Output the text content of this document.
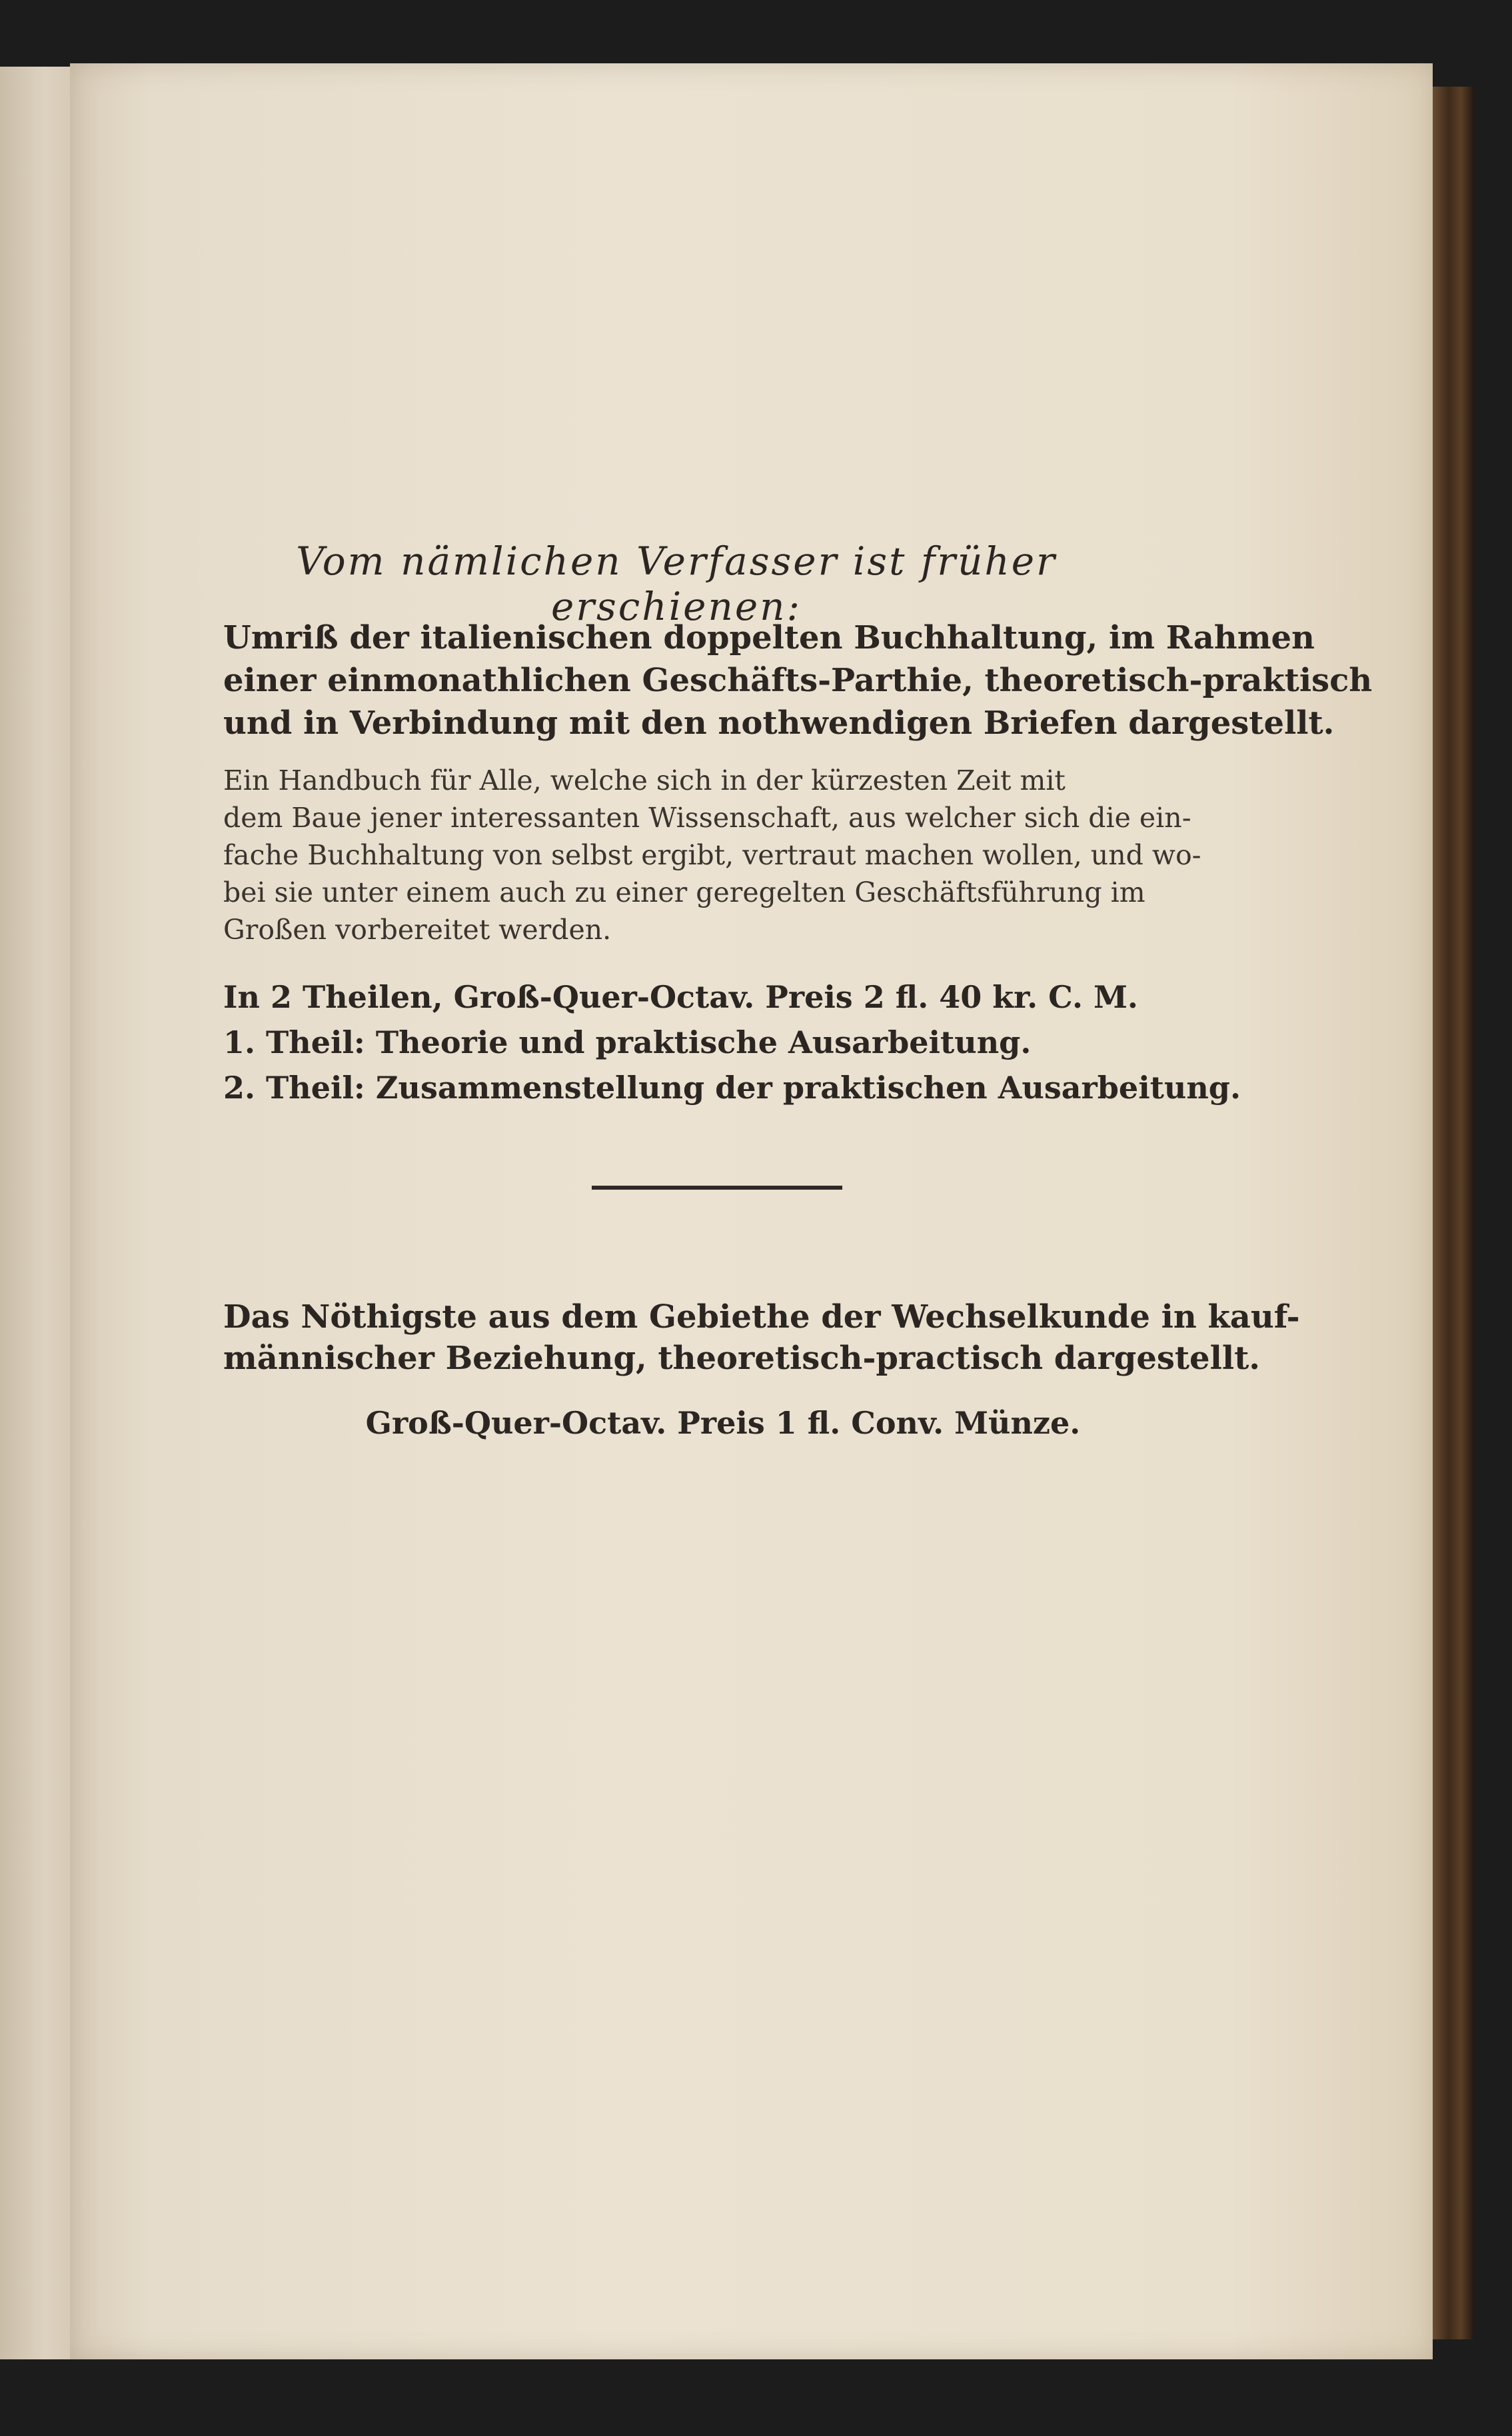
Vom nämlichen Verfasser ist früher erschienen:
Umriß der italienischen doppelten Buchhaltung, im Rahmen
einer einmonathlichen Geschäfts-Parthie, theoretisch-praktisch
und in Verbindung mit den nothwendigen Briefen dargestellt.
Ein Handbuch für Alle, welche sich in der kürzesten Zeit mit
dem Baue jener interessanten Wissenschaft, aus welcher sich die ein-
fache Buchhaltung von selbst ergibt, vertraut machen wollen, und wo-
bei sie unter einem auch zu einer geregelten Geschäftsführung im
Großen vorbereitet werden.
In 2 Theilen, Groß-Quer-Octav. Preis 2 fl. 40 kr. C. M.
1. Theil: Theorie und praktische Ausarbeitung.
2. Theil: Zusammenstellung der praktischen Ausarbeitung.
Das Nöthigste aus dem Gebiethe der Wechselkunde in kauf-
männischer Beziehung, theoretisch-practisch dargestellt.
Groß-Quer-Octav. Preis 1 fl. Conv. Münze.
